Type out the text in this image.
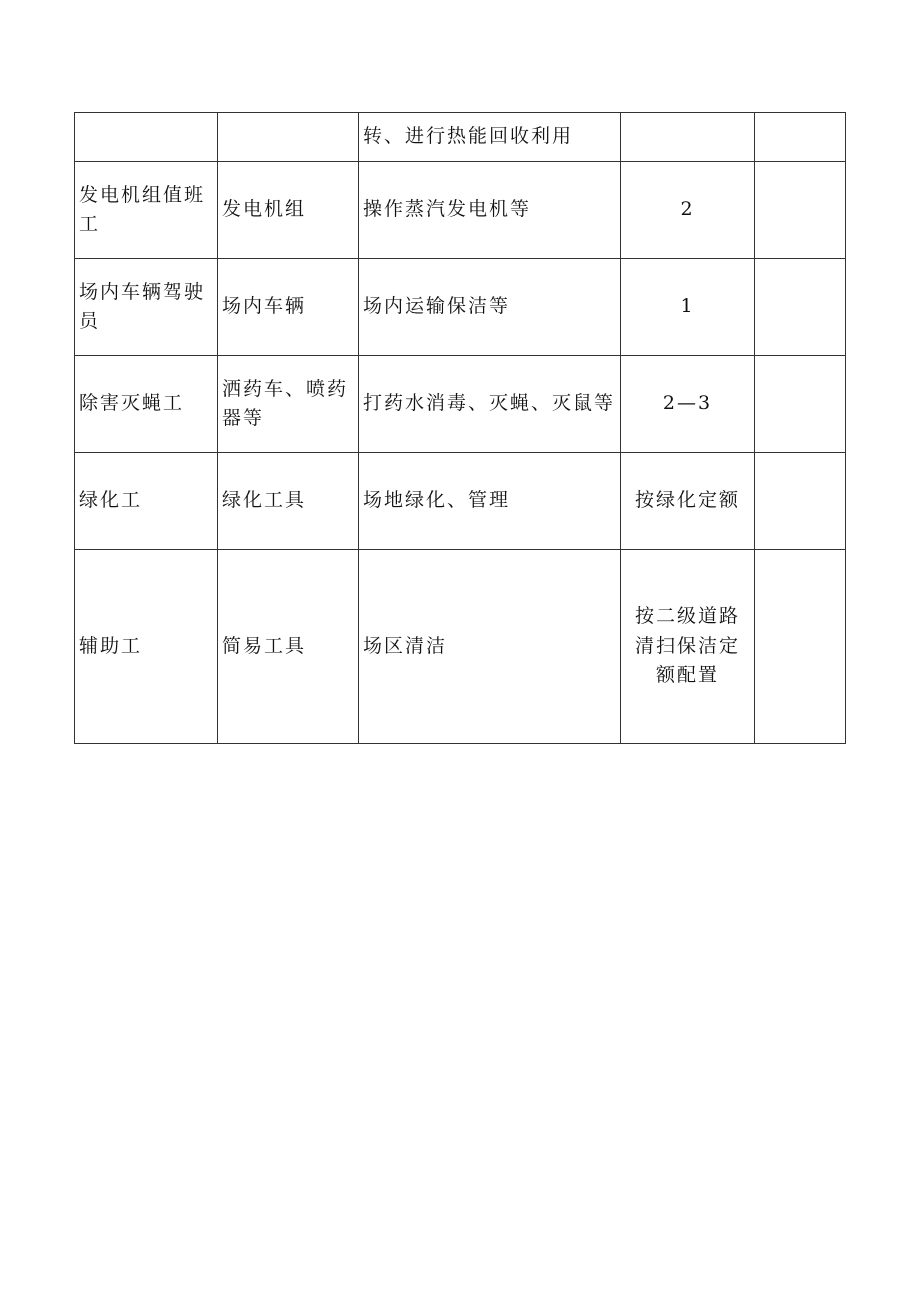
		转、进行热能回收利用		
发电机组值班工	发电机组	操作蒸汽发电机等	2	
场内车辆驾驶员	场内车辆	场内运输保洁等	1	
除害灭蝇工	洒药车、喷药器等	打药水消毒、灭蝇、灭鼠等	2—3	
绿化工	绿化工具	场地绿化、管理	按绿化定额	
辅助工	简易工具	场区清洁	按二级道路清扫保洁定额配置	
